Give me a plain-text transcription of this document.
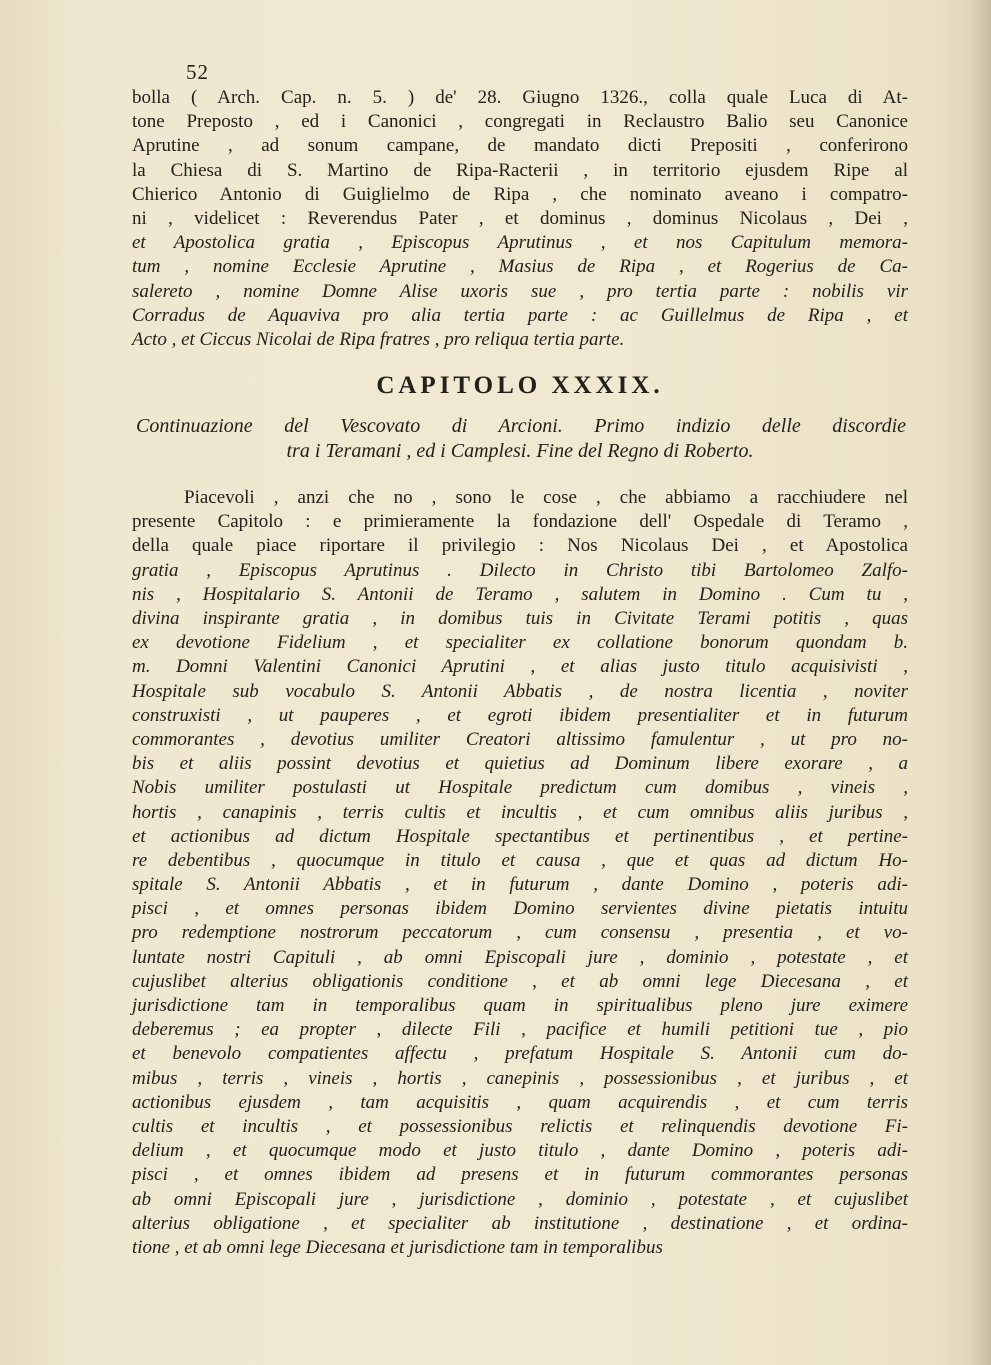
52
bolla ( Arch. Cap. n. 5. ) de' 28. Giugno 1326., colla quale Luca di At-
tone Preposto , ed i Canonici , congregati in Reclaustro Balio seu Canonice
Aprutine , ad sonum campane, de mandato dicti Prepositi , conferirono
la Chiesa di S. Martino de Ripa-Racterii , in territorio ejusdem Ripe al
Chierico Antonio di Guiglielmo de Ripa , che nominato aveano i compatro-
ni , videlicet : Reverendus Pater , et dominus , dominus Nicolaus , Dei ,
et Apostolica gratia , Episcopus Aprutinus , et nos Capitulum memora-
tum , nomine Ecclesie Aprutine , Masius de Ripa , et Rogerius de Ca-
salereto , nomine Domne Alise uxoris sue , pro tertia parte : nobilis vir
Corradus de Aquaviva pro alia tertia parte : ac Guillelmus de Ripa , et
Acto , et Ciccus Nicolai de Ripa fratres , pro reliqua tertia parte.
CAPITOLO XXXIX.
Continuazione del Vescovato di Arcioni. Primo indizio delle discordie
tra i Teramani , ed i Camplesi. Fine del Regno di Roberto.
Piacevoli , anzi che no , sono le cose , che abbiamo a racchiudere nel
presente Capitolo : e primieramente la fondazione dell' Ospedale di Teramo ,
della quale piace riportare il privilegio : Nos Nicolaus Dei , et Apostolica
gratia , Episcopus Aprutinus . Dilecto in Christo tibi Bartolomeo Zalfo-
nis , Hospitalario S. Antonii de Teramo , salutem in Domino . Cum tu ,
divina inspirante gratia , in domibus tuis in Civitate Terami potitis , quas
ex devotione Fidelium , et specialiter ex collatione bonorum quondam b.
m. Domni Valentini Canonici Aprutini , et alias justo titulo acquisivisti ,
Hospitale sub vocabulo S. Antonii Abbatis , de nostra licentia , noviter
construxisti , ut pauperes , et egroti ibidem presentialiter et in futurum
commorantes , devotius umiliter Creatori altissimo famulentur , ut pro no-
bis et aliis possint devotius et quietius ad Dominum libere exorare , a
Nobis umiliter postulasti ut Hospitale predictum cum domibus , vineis ,
hortis , canapinis , terris cultis et incultis , et cum omnibus aliis juribus ,
et actionibus ad dictum Hospitale spectantibus et pertinentibus , et pertine-
re debentibus , quocumque in titulo et causa , que et quas ad dictum Ho-
spitale S. Antonii Abbatis , et in futurum , dante Domino , poteris adi-
pisci , et omnes personas ibidem Domino servientes divine pietatis intuitu
pro redemptione nostrorum peccatorum , cum consensu , presentia , et vo-
luntate nostri Capituli , ab omni Episcopali jure , dominio , potestate , et
cujuslibet alterius obligationis conditione , et ab omni lege Diecesana , et
jurisdictione tam in temporalibus quam in spiritualibus pleno jure eximere
deberemus ; ea propter , dilecte Fili , pacifice et humili petitioni tue , pio
et benevolo compatientes affectu , prefatum Hospitale S. Antonii cum do-
mibus , terris , vineis , hortis , canepinis , possessionibus , et juribus , et
actionibus ejusdem , tam acquisitis , quam acquirendis , et cum terris
cultis et incultis , et possessionibus relictis et relinquendis devotione Fi-
delium , et quocumque modo et justo titulo , dante Domino , poteris adi-
pisci , et omnes ibidem ad presens et in futurum commorantes personas
ab omni Episcopali jure , jurisdictione , dominio , potestate , et cujuslibet
alterius obligatione , et specialiter ab institutione , destinatione , et ordina-
tione , et ab omni lege Diecesana et jurisdictione tam in temporalibus
